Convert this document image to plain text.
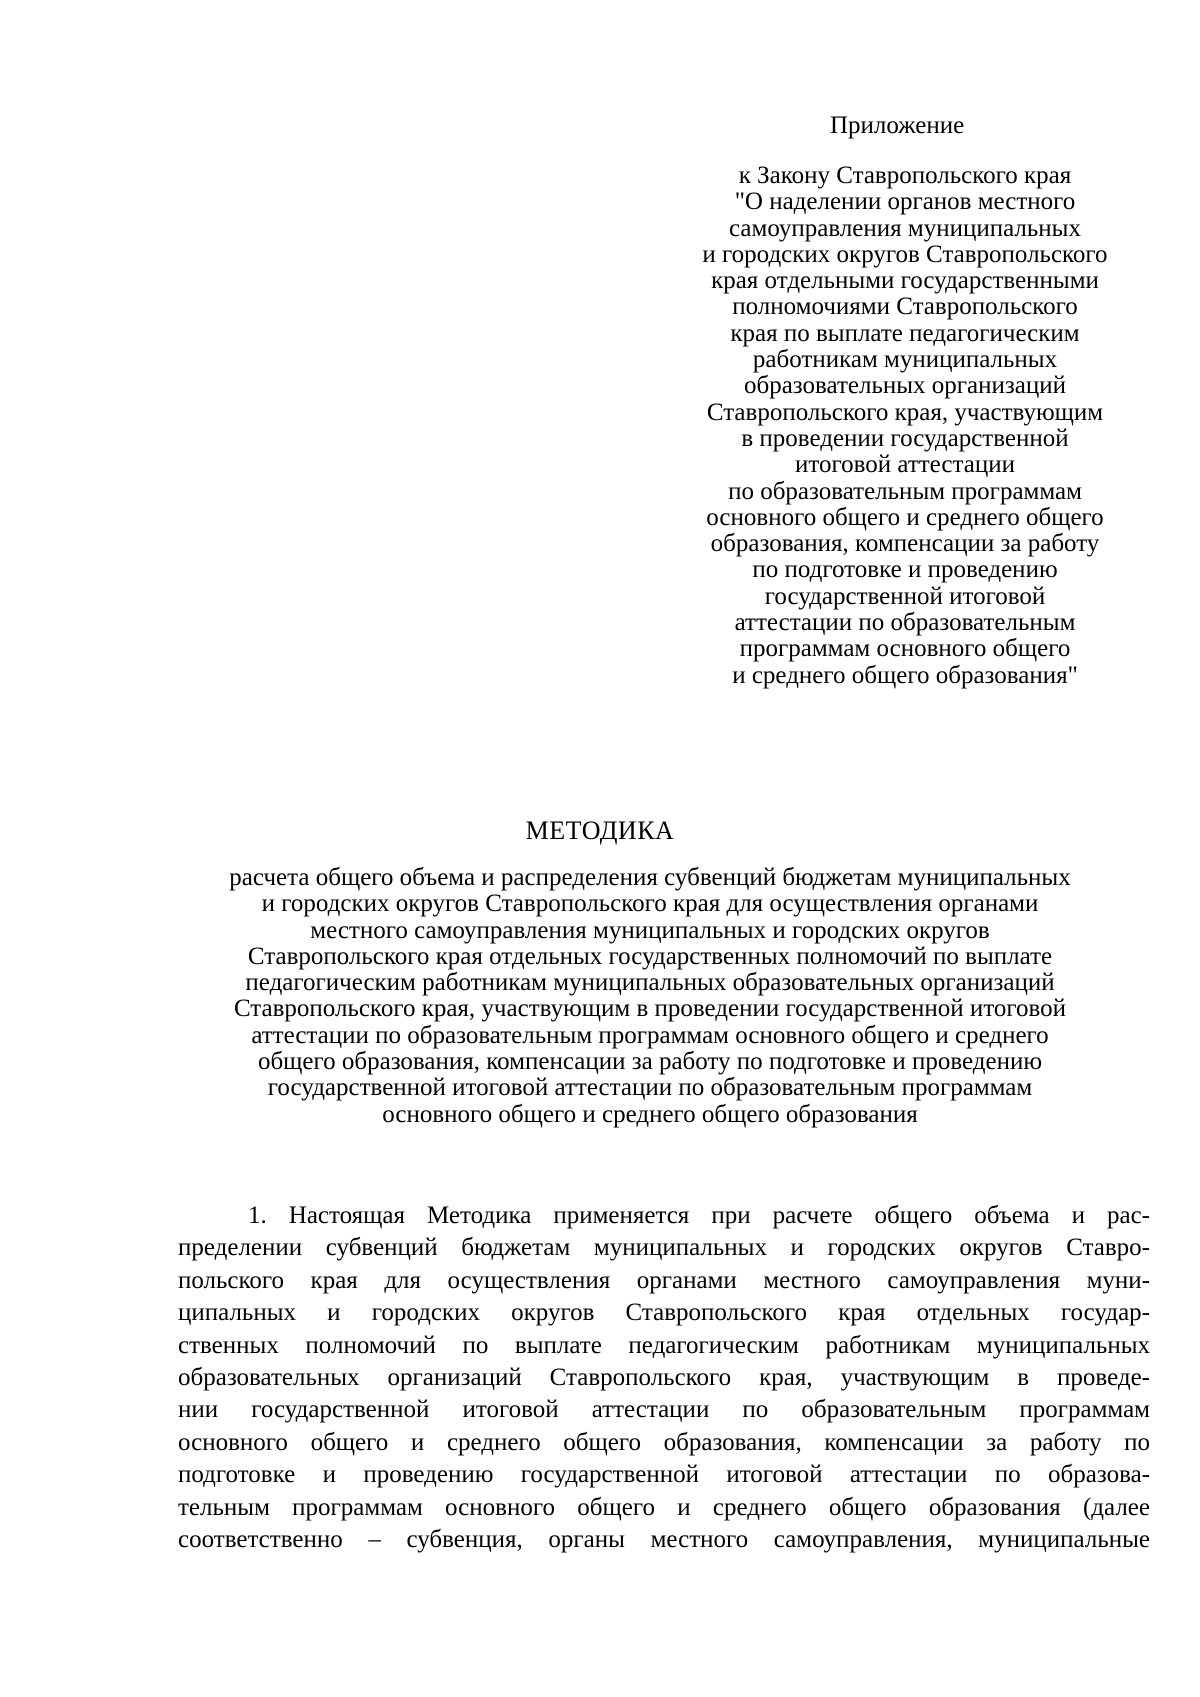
Приложение
к Закону Ставропольского края
"О наделении органов местного
самоуправления муниципальных
и городских округов Ставропольского
края отдельными государственными
полномочиями Ставропольского
края по выплате педагогическим
работникам муниципальных
образовательных организаций
Ставропольского края, участвующим
в проведении государственной
итоговой аттестации
по образовательным программам
основного общего и среднего общего
образования, компенсации за работу
по подготовке и проведению
государственной итоговой
аттестации по образовательным
программам основного общего
и среднего общего образования"
МЕТОДИКА
расчета общего объема и распределения субвенций бюджетам муниципальных
и городских округов Ставропольского края для осуществления органами
местного самоуправления муниципальных и городских округов
Ставропольского края отдельных государственных полномочий по выплате
педагогическим работникам муниципальных образовательных организаций
Ставропольского края, участвующим в проведении государственной итоговой
аттестации по образовательным программам основного общего и среднего
общего образования, компенсации за работу по подготовке и проведению
государственной итоговой аттестации по образовательным программам
основного общего и среднего общего образования
1. Настоящая Методика применяется при расчете общего объема и рас-
пределении субвенций бюджетам муниципальных и городских округов Ставро-
польского края для осуществления органами местного самоуправления муни-
ципальных и городских округов Ставропольского края отдельных государ-
ственных полномочий по выплате педагогическим работникам муниципальных
образовательных организаций Ставропольского края, участвующим в проведе-
нии государственной итоговой аттестации по образовательным программам
основного общего и среднего общего образования, компенсации за работу по
подготовке и проведению государственной итоговой аттестации по образова-
тельным программам основного общего и среднего общего образования (далее
соответственно – субвенция, органы местного самоуправления, муниципальные
